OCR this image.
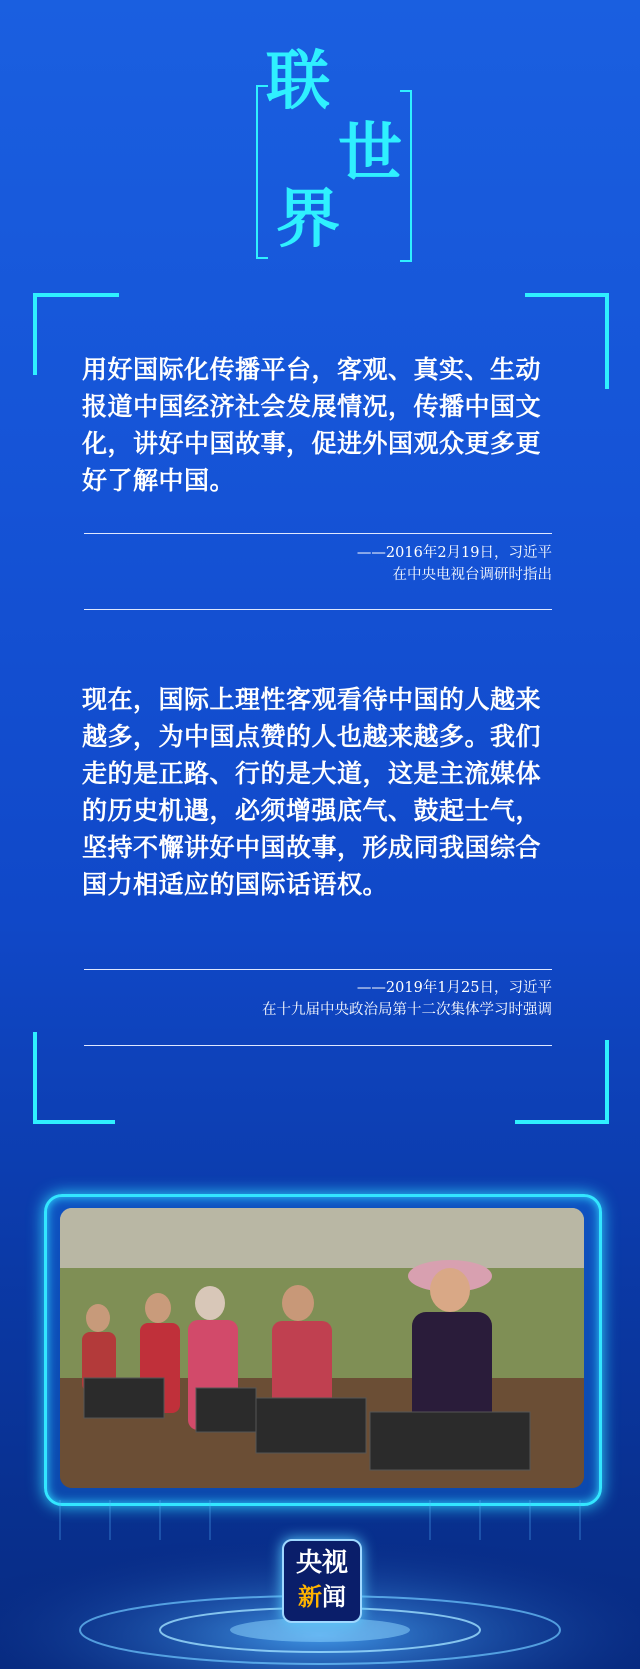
联
世
界
用好国际化传播平台，客观、真实、生动报道中国经济社会发展情况，传播中国文化，讲好中国故事，促进外国观众更多更好了解中国。
——2016年2月19日，习近平
在中央电视台调研时指出
现在，国际上理性客观看待中国的人越来越多，为中国点赞的人也越来越多。我们走的是正路、行的是大道，这是主流媒体的历史机遇，必须增强底气、鼓起士气，坚持不懈讲好中国故事，形成同我国综合国力相适应的国际话语权。
——2019年1月25日，习近平
在十九届中央政治局第十二次集体学习时强调
央视
新闻
